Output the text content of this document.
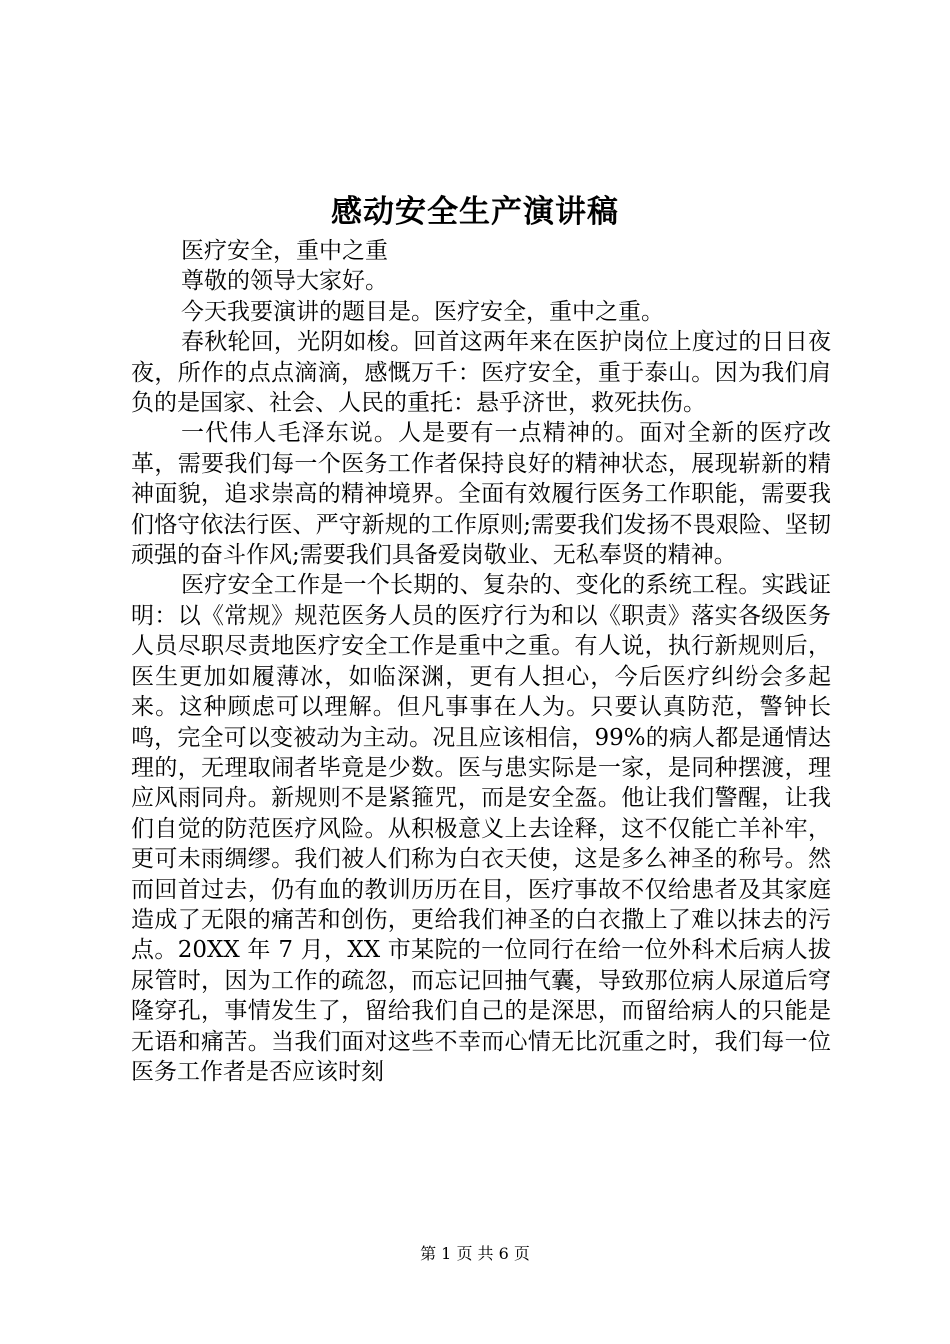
感动安全生产演讲稿

医疗安全，重中之重

尊敬的领导大家好。

今天我要演讲的题目是。医疗安全，重中之重。

春秋轮回，光阴如梭。回首这两年来在医护岗位上度过的日日夜夜，所作的点点滴滴，感慨万千：医疗安全，重于泰山。因为我们肩负的是国家、社会、人民的重托：悬乎济世，救死扶伤。

一代伟人毛泽东说。人是要有一点精神的。面对全新的医疗改革，需要我们每一个医务工作者保持良好的精神状态，展现崭新的精神面貌，追求崇高的精神境界。全面有效履行医务工作职能，需要我们恪守依法行医、严守新规的工作原则;需要我们发扬不畏艰险、坚韧顽强的奋斗作风;需要我们具备爱岗敬业、无私奉贤的精神。

医疗安全工作是一个长期的、复杂的、变化的系统工程。实践证明：以《常规》规范医务人员的医疗行为和以《职责》落实各级医务人员尽职尽责地医疗安全工作是重中之重。有人说，执行新规则后，医生更加如履薄冰，如临深渊，更有人担心，今后医疗纠纷会多起来。这种顾虑可以理解。但凡事事在人为。只要认真防范，警钟长鸣，完全可以变被动为主动。况且应该相信，99%的病人都是通情达理的，无理取闹者毕竟是少数。医与患实际是一家，是同种摆渡，理应风雨同舟。新规则不是紧箍咒，而是安全盔。他让我们警醒，让我们自觉的防范医疗风险。从积极意义上去诠释，这不仅能亡羊补牢，更可未雨绸缪。我们被人们称为白衣天使，这是多么神圣的称号。然而回首过去，仍有血的教训历历在目，医疗事故不仅给患者及其家庭造成了无限的痛苦和创伤，更给我们神圣的白衣撒上了难以抹去的污点。20XX 年 7 月，XX 市某院的一位同行在给一位外科术后病人拔尿管时，因为工作的疏忽，而忘记回抽气囊，导致那位病人尿道后穹隆穿孔，事情发生了，留给我们自己的是深思，而留给病人的只能是无语和痛苦。当我们面对这些不幸而心情无比沉重之时，我们每一位医务工作者是否应该时刻

第 1 页 共 6 页
